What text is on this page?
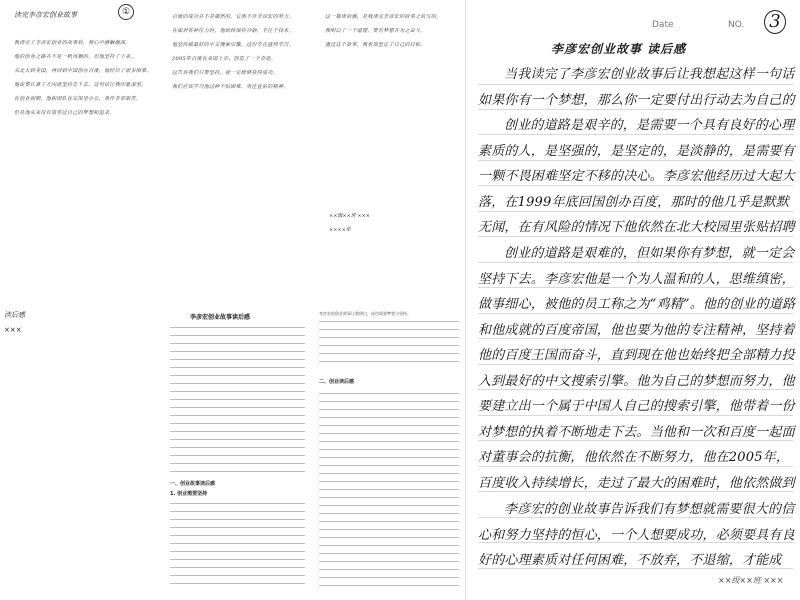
读完李彦宏创业故事	①
我读完了李彦宏创业的故事后，我心中感触颇深。
他的创业之路并不是一帆风顺的，但他坚持了下来。
从北大到美国，再回到中国创办百度，他经历了很多困难。
他说要认准了方向就坚持走下去，这句话让我印象深刻。
在创业初期，他和团队在宾馆里办公，条件非常艰苦。
但是他从来没有放弃过自己的梦想和追求。
百度的成功并不是偶然的，它离不开李彦宏的努力。
在面对各种压力时，他始终保持冷静，专注于技术。
他坚持做最好的中文搜索引擎，这份专注值得学习。
2005年百度在美国上市，创造了一个奇迹。
这告诉我们只要坚持，就一定能够获得成功。
我们应该学习他这种不怕困难、勇往直前的精神。
这一篇读后感，是我读完李彦宏的故事之后写的。
我明白了一个道理，要有梦想并为之奋斗。
通过这个故事，我更加坚定了自己的目标。
××级××班 ×××
××××年
读后感
×××
李彦宏创业故事读后感
一、创业故事读后感
1. 创业需要坚持
李彦宏的创业故事让我明白，成功需要梦想与坚持。
二、创业读后感
Date	NO. 3
李彦宏创业故事 读后感
当我读完了李彦宏创业故事后让我想起这样一句话如果你有一个梦想，那么你一定要付出行动去为自己的
创业的道路是艰辛的，是需要一个具有良好的心理素质的人，是坚强的，是坚定的，是淡静的，是需要有一颗不畏困难坚定不移的决心。李彦宏他经历过大起大落，在1999年底回国创办百度，那时的他几乎是默默无闻，在有风险的情况下他依然在北大校园里张贴招聘
创业的道路是艰难的，但如果你有梦想，就一定会坚持下去。李彦宏他是一个为人温和的人，思维缜密，做事细心，被他的员工称之为“鸡精”。他的创业的道路和他成就的百度帝国，他也要为他的专注精神，坚持着他的百度王国而奋斗，直到现在他也始终把全部精力投入到最好的中文搜索引擎。他为自己的梦想而努力，他要建立出一个属于中国人自己的搜索引擎，他带着一份对梦想的执着不断地走下去。当他和一次和百度一起面对董事会的抗衡，他依然在不断努力，他在2005年，百度收入持续增长，走过了最大的困难时，他依然做到
李彦宏的创业故事告诉我们有梦想就需要很大的信心和努力坚持的恒心，一个人想要成功，必须要具有良好的心理素质对任何困难，不放弃，不退缩，才能成
××级××班 ×××
